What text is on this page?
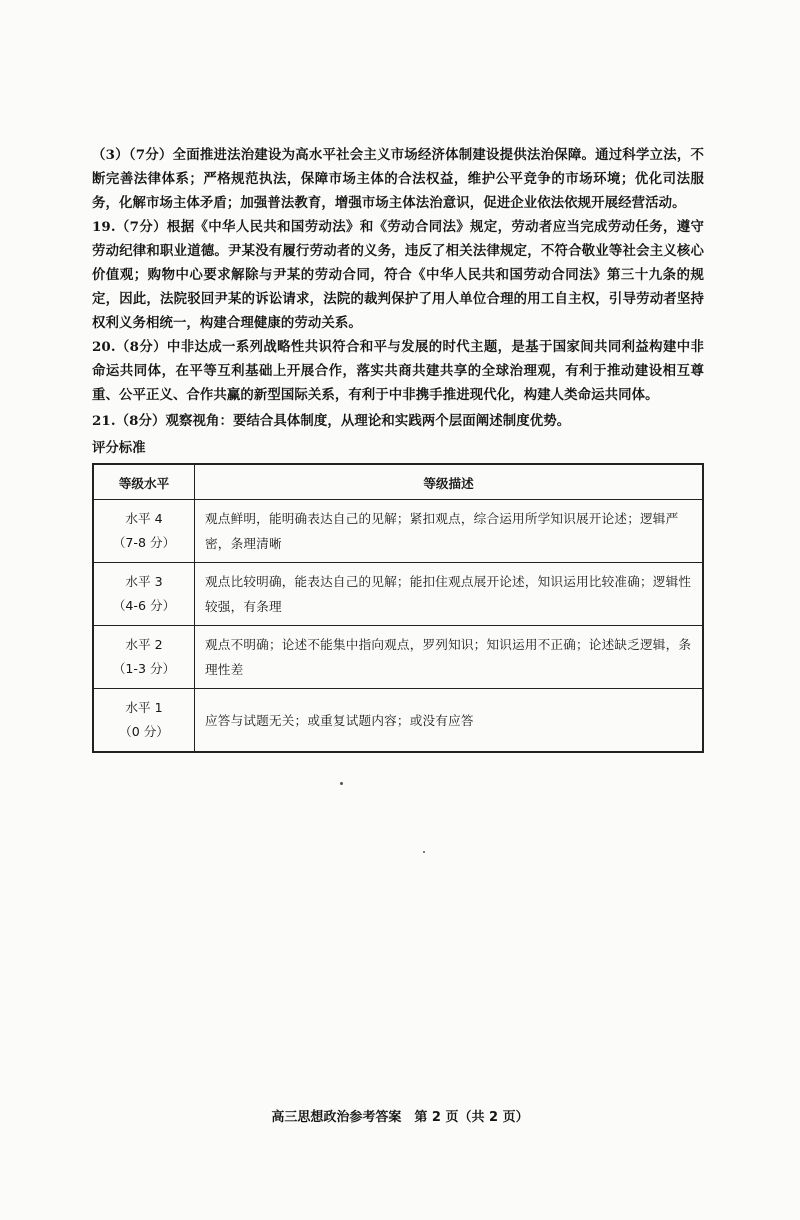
（3）（7分）全面推进法治建设为高水平社会主义市场经济体制建设提供法治保障。通过科学立法，不断完善法律体系；严格规范执法，保障市场主体的合法权益，维护公平竞争的市场环境；优化司法服务，化解市场主体矛盾；加强普法教育，增强市场主体法治意识，促进企业依法依规开展经营活动。

19.（7分）根据《中华人民共和国劳动法》和《劳动合同法》规定，劳动者应当完成劳动任务，遵守劳动纪律和职业道德。尹某没有履行劳动者的义务，违反了相关法律规定，不符合敬业等社会主义核心价值观；购物中心要求解除与尹某的劳动合同，符合《中华人民共和国劳动合同法》第三十九条的规定，因此，法院驳回尹某的诉讼请求，法院的裁判保护了用人单位合理的用工自主权，引导劳动者坚持权利义务相统一，构建合理健康的劳动关系。

20.（8分）中非达成一系列战略性共识符合和平与发展的时代主题，是基于国家间共同利益构建中非命运共同体，在平等互利基础上开展合作，落实共商共建共享的全球治理观，有利于推动建设相互尊重、公平正义、合作共赢的新型国际关系，有利于中非携手推进现代化，构建人类命运共同体。

21.（8分）观察视角：要结合具体制度，从理论和实践两个层面阐述制度优势。

评分标准
等级水平	等级描述

水平 4
（7-8 分）	观点鲜明，能明确表达自己的见解；紧扣观点，综合运用所学知识展开论述；逻辑严密，条理清晰

水平 3
（4-6 分）	观点比较明确，能表达自己的见解；能扣住观点展开论述，知识运用比较准确；逻辑性较强，有条理

水平 2
（1-3 分）	观点不明确；论述不能集中指向观点，罗列知识；知识运用不正确；论述缺乏逻辑，条理性差

水平 1
（0 分）	应答与试题无关；或重复试题内容；或没有应答
高三思想政治参考答案　第 2 页（共 2 页）
